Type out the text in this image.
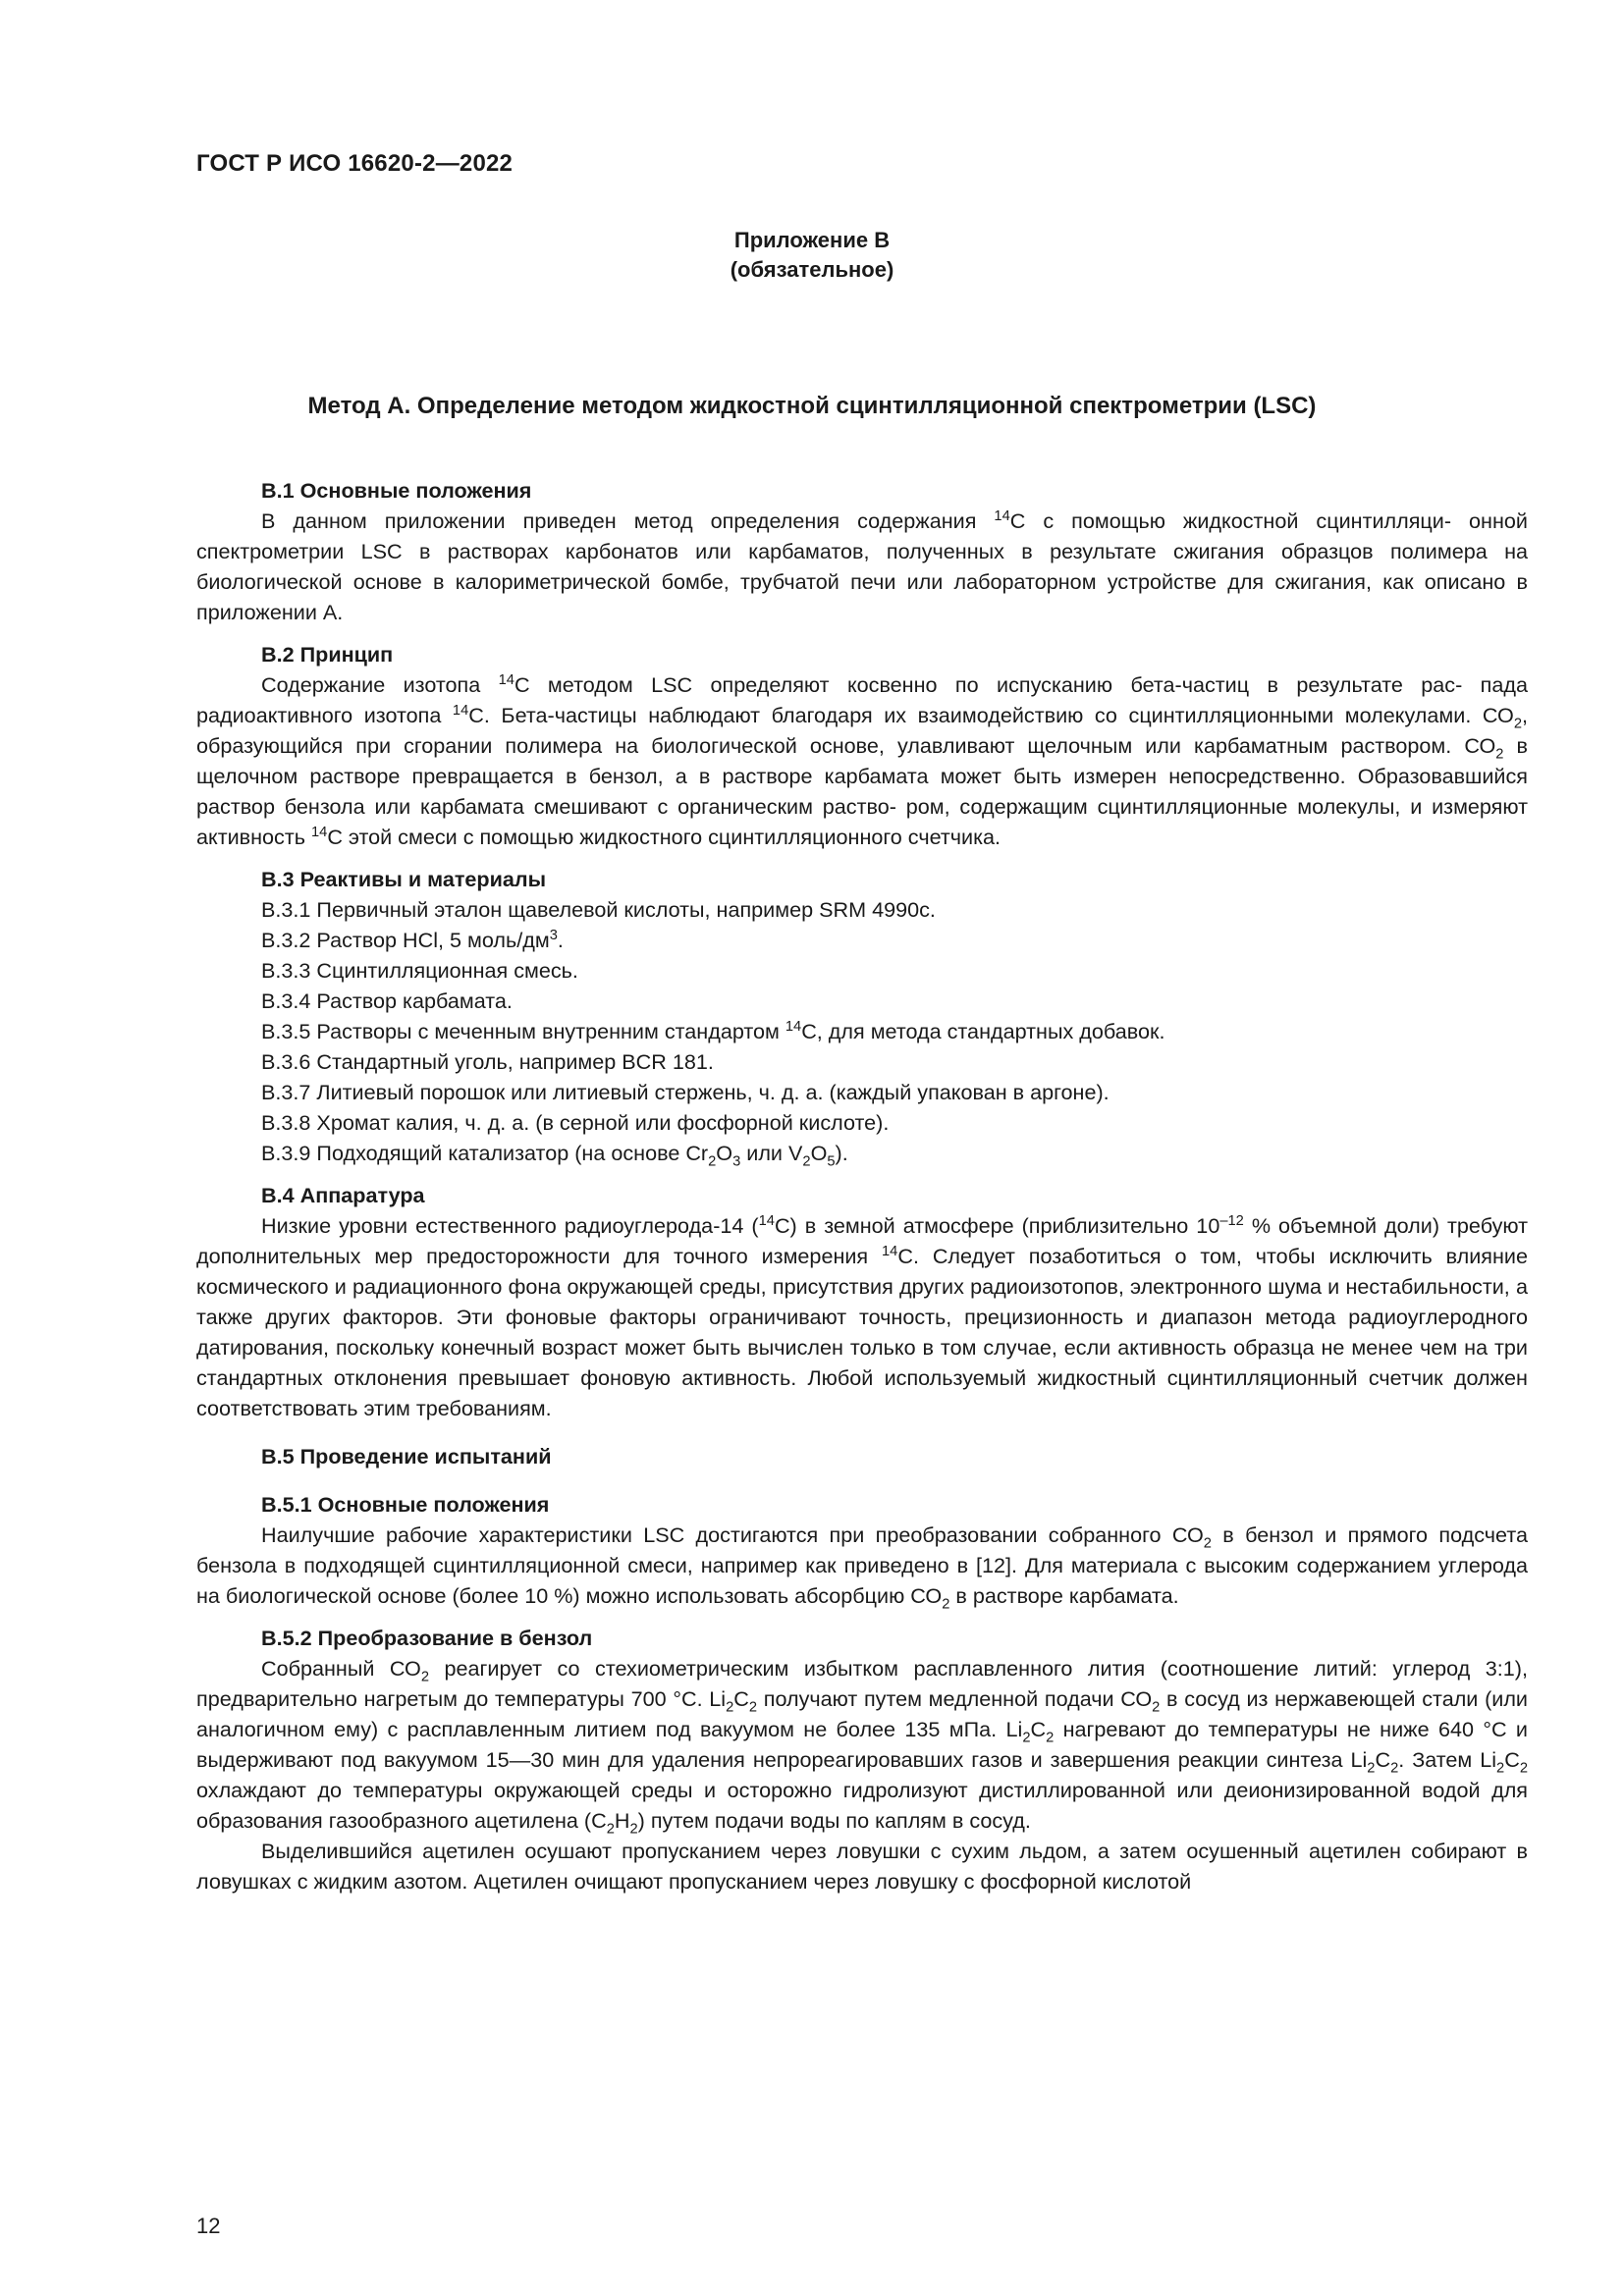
ГОСТ Р ИСО 16620-2—2022
Приложение В
(обязательное)
Метод А. Определение методом жидкостной сцинтилляционной спектрометрии (LSC)

В.1 Основные положения

В данном приложении приведен метод определения содержания $^{14}$С с помощью жидкостной сцинтилляци- онной спектрометрии LSC в растворах карбонатов или карбаматов, полученных в результате сжигания образцов полимера на биологической основе в калориметрической бомбе, трубчатой печи или лабораторном устройстве для сжигания, как описано в приложении А.

В.2 Принцип

Содержание изотопа $^{14}$С методом LSC определяют косвенно по испусканию бета-частиц в результате рас- пада радиоактивного изотопа $^{14}$С. Бета-частицы наблюдают благодаря их взаимодействию со сцинтилляционными молекулами. $СО_2$, образующийся при сгорании полимера на биологической основе, улавливают щелочным или карбаматным раствором. $СО_2$ в щелочном растворе превращается в бензол, а в растворе карбамата может быть измерен непосредственно. Образовавшийся раствор бензола или карбамата смешивают с органическим раство- ром, содержащим сцинтилляционные молекулы, и измеряют активность $^{14}$С этой смеси с помощью жидкостного сцинтилляционного счетчика.

В.3 Реактивы и материалы

В.3.1 Первичный эталон щавелевой кислоты, например SRM 4990c.

В.3.2 Раствор HCl, 5 моль/$дм^3$.

В.3.3 Сцинтилляционная смесь.

В.3.4 Раствор карбамата.

В.3.5 Растворы с меченным внутренним стандартом $^{14}$С, для метода стандартных добавок.

В.3.6 Стандартный уголь, например BCR 181.

В.3.7 Литиевый порошок или литиевый стержень, ч. д. а. (каждый упакован в аргоне).

В.3.8 Хромат калия, ч. д. а. (в серной или фосфорной кислоте).

В.3.9 Подходящий катализатор (на основе $Cr_2O_3$ или $V_2O_5$).

В.4 Аппаратура

Низкие уровни естественного радиоуглерода-14 ($^{14}$С) в земной атмосфере (приблизительно $10^{-12}$ % объемной доли) требуют дополнительных мер предосторожности для точного измерения $^{14}$С. Следует позаботиться о том, чтобы исключить влияние космического и радиационного фона окружающей среды, присутствия других радиоизотопов, электронного шума и нестабильности, а также других факторов. Эти фоновые факторы ограничивают точность, прецизионность и диапазон метода радиоуглеродного датирования, поскольку конечный возраст может быть вычислен только в том случае, если активность образца не менее чем на три стандартных отклонения превышает фоновую активность. Любой используемый жидкостный сцинтилляционный счетчик должен соответствовать этим требованиям.

В.5 Проведение испытаний

В.5.1 Основные положения

Наилучшие рабочие характеристики LSC достигаются при преобразовании собранного $СО_2$ в бензол и прямого подсчета бензола в подходящей сцинтилляционной смеси, например как приведено в [12]. Для материала с высоким содержанием углерода на биологической основе (более 10 %) можно использовать абсорбцию $СО_2$ в растворе карбамата.

В.5.2 Преобразование в бензол

Собранный $СО_2$ реагирует со стехиометрическим избытком расплавленного лития (соотношение литий: углерод 3:1), предварительно нагретым до температуры 700 °С. $Li_2C_2$ получают путем медленной подачи $СО_2$ в сосуд из нержавеющей стали (или аналогичном ему) с расплавленным литием под вакуумом не более 135 мПа. $Li_2C_2$ нагревают до температуры не ниже 640 °С и выдерживают под вакуумом 15—30 мин для удаления непрореагировавших газов и завершения реакции синтеза $Li_2C_2$. Затем $Li_2C_2$ охлаждают до температуры окружающей среды и осторожно гидролизуют дистиллированной или деионизированной водой для образования газообразного ацетилена $(С_2Н_2)$ путем подачи воды по каплям в сосуд.

Выделившийся ацетилен осушают пропусканием через ловушки с сухим льдом, а затем осушенный ацетилен собирают в ловушках с жидким азотом. Ацетилен очищают пропусканием через ловушку с фосфорной кислотой

12
